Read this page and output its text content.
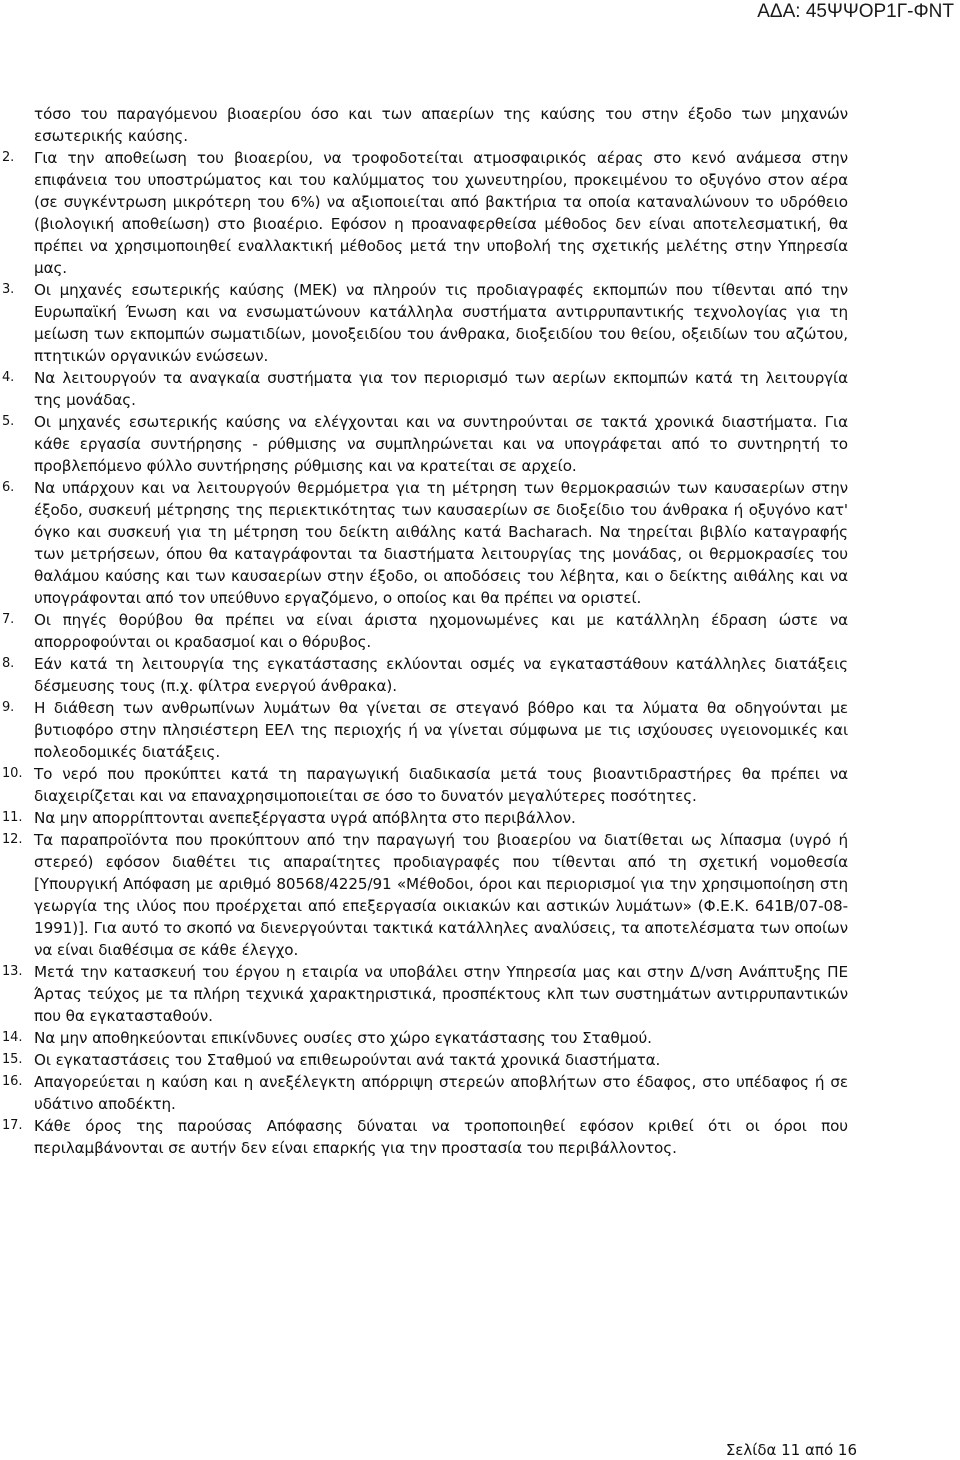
ΑΔΑ: 45ΨΨΟΡ1Γ-ΦΝΤ

τόσο του παραγόμενου βιοαερίου όσο και των απαερίων της καύσης του στην έξοδο των μηχανών εσωτερικής καύσης.

2.	Για την αποθείωση του βιοαερίου, να τροφοδοτείται ατμοσφαιρικός αέρας στο κενό ανάμεσα στην επιφάνεια του υποστρώματος και του καλύμματος του χωνευτηρίου, προκειμένου το οξυγόνο στον αέρα (σε συγκέντρωση μικρότερη του 6%) να αξιοποιείται από βακτήρια τα οποία καταναλώνουν το υδρόθειο (βιολογική αποθείωση) στο βιοαέριο. Εφόσον η προαναφερθείσα μέθοδος δεν είναι αποτελεσματική, θα πρέπει να χρησιμοποιηθεί εναλλακτική μέθοδος μετά την υποβολή της σχετικής μελέτης στην Υπηρεσία μας.
3.	Οι μηχανές εσωτερικής καύσης (ΜΕΚ) να πληρούν τις προδιαγραφές εκπομπών που τίθενται από την Ευρωπαϊκή Ένωση και να ενσωματώνουν κατάλληλα συστήματα αντιρρυπαντικής τεχνολογίας για τη μείωση των εκπομπών σωματιδίων, μονοξειδίου του άνθρακα, διοξειδίου του θείου, οξειδίων του αζώτου, πτητικών οργανικών ενώσεων.
4.	Να λειτουργούν τα αναγκαία συστήματα για τον περιορισμό των αερίων εκπομπών κατά τη λειτουργία της μονάδας.
5.	Οι μηχανές εσωτερικής καύσης να ελέγχονται και να συντηρούνται σε τακτά χρονικά διαστήματα. Για κάθε εργασία συντήρησης - ρύθμισης να συμπληρώνεται και να υπογράφεται από το συντηρητή το προβλεπόμενο φύλλο συντήρησης ρύθμισης και να κρατείται σε αρχείο.
6.	Να υπάρχουν και να λειτουργούν θερμόμετρα για τη μέτρηση των θερμοκρασιών των καυσαερίων στην έξοδο, συσκευή μέτρησης της περιεκτικότητας των καυσαερίων σε διοξείδιο του άνθρακα ή οξυγόνο κατ' όγκο και συσκευή για τη μέτρηση του δείκτη αιθάλης κατά Bacharach. Να τηρείται βιβλίο καταγραφής των μετρήσεων, όπου θα καταγράφονται τα διαστήματα λειτουργίας της μονάδας, οι θερμοκρασίες του θαλάμου καύσης και των καυσαερίων στην έξοδο, οι αποδόσεις του λέβητα, και ο δείκτης αιθάλης και να υπογράφονται από τον υπεύθυνο εργαζόμενο, ο οποίος και θα πρέπει να οριστεί.
7.	Οι πηγές θορύβου θα πρέπει να είναι άριστα ηχομονωμένες και με κατάλληλη έδραση ώστε να απορροφούνται οι κραδασμοί και ο θόρυβος.
8.	Εάν κατά τη λειτουργία της εγκατάστασης εκλύονται οσμές να εγκαταστάθουν κατάλληλες διατάξεις δέσμευσης τους (π.χ. φίλτρα ενεργού άνθρακα).
9.	Η διάθεση των ανθρωπίνων λυμάτων θα γίνεται σε στεγανό βόθρο και τα λύματα θα οδηγούνται με βυτιοφόρο στην πλησιέστερη ΕΕΛ της περιοχής ή να γίνεται σύμφωνα με τις ισχύουσες υγειονομικές και πολεοδομικές διατάξεις.
10. Το νερό που προκύπτει κατά τη παραγωγική διαδικασία μετά τους βιοαντιδραστήρες θα πρέπει να διαχειρίζεται και να επαναχρησιμοποιείται σε όσο το δυνατόν μεγαλύτερες ποσότητες.
11. Να μην απορρίπτονται ανεπεξέργαστα υγρά απόβλητα στο περιβάλλον.
12. Τα παραπροϊόντα που προκύπτουν από την παραγωγή του βιοαερίου να διατίθεται ως λίπασμα (υγρό ή στερεό) εφόσον διαθέτει τις απαραίτητες προδιαγραφές που τίθενται από τη σχετική νομοθεσία [Υπουργική Απόφαση με αριθμό 80568/4225/91 «Μέθοδοι, όροι και περιορισμοί για την χρησιμοποίηση στη γεωργία της ιλύος που προέρχεται από επεξεργασία οικιακών και αστικών λυμάτων» (Φ.Ε.Κ. 641Β/07-08-1991)]. Για αυτό το σκοπό να διενεργούνται τακτικά κατάλληλες αναλύσεις, τα αποτελέσματα των οποίων να είναι διαθέσιμα σε κάθε έλεγχο.
13. Μετά την κατασκευή του έργου η εταιρία να υποβάλει στην Υπηρεσία μας και στην Δ/νση Ανάπτυξης ΠΕ Άρτας τεύχος με τα πλήρη τεχνικά χαρακτηριστικά, προσπέκτους κλπ των συστημάτων αντιρρυπαντικών που θα εγκατασταθούν.
14. Να μην αποθηκεύονται επικίνδυνες ουσίες στο χώρο εγκατάστασης του Σταθμού.
15. Οι εγκαταστάσεις του Σταθμού να επιθεωρούνται ανά τακτά χρονικά διαστήματα.
16. Απαγορεύεται η καύση και η ανεξέλεγκτη απόρριψη στερεών αποβλήτων στο έδαφος, στο υπέδαφος ή σε υδάτινο αποδέκτη.
17. Κάθε όρος της παρούσας Απόφασης δύναται να τροποποιηθεί εφόσον κριθεί ότι οι όροι που περιλαμβάνονται σε αυτήν δεν είναι επαρκής για την προστασία του περιβάλλοντος.
Σελίδα 11 από 16
